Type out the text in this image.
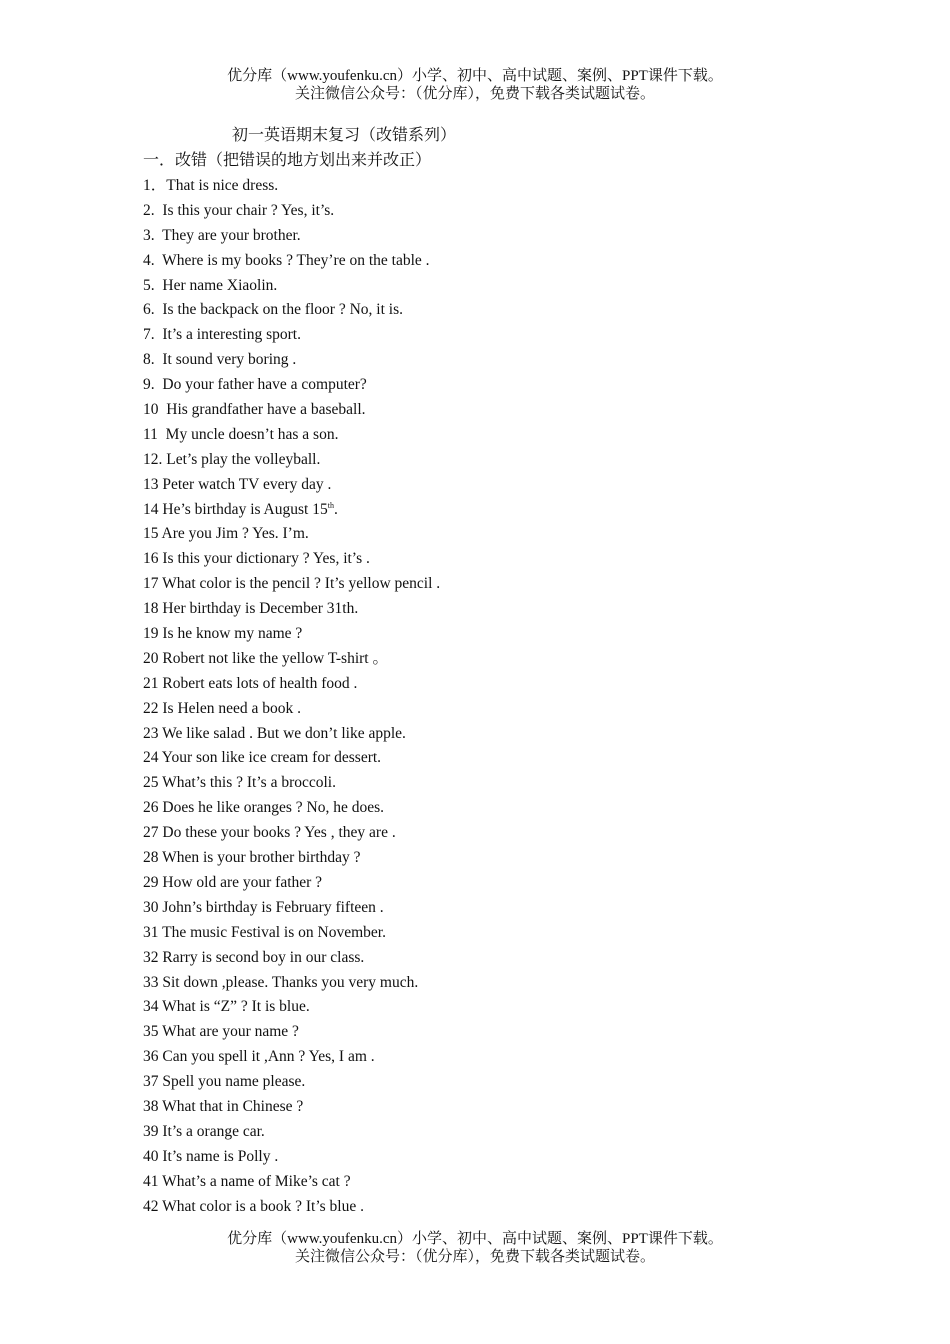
优分库（www.youfenku.cn）小学、初中、高中试题、案例、PPT课件下载。
关注微信公众号：（优分库），免费下载各类试题试卷。
初一英语期末复习（改错系列）
一．改错（把错误的地方划出来并改正）
1．That is nice dress.
2.  Is this your chair ? Yes, it’s.
3.  They are your brother.
4.  Where is my books ? They’re on the table .
5.  Her name Xiaolin.
6.  Is the backpack on the floor ? No, it is.
7.  It’s a interesting sport.
8.  It sound very boring .
9.  Do your father have a computer?
10  His grandfather have a baseball.
11  My uncle doesn’t has a son.
12. Let’s play the volleyball.
13 Peter watch TV every day .
14 He’s birthday is August 15th.
15 Are you Jim ? Yes. I’m.
16 Is this your dictionary ? Yes, it’s .
17 What color is the pencil ? It’s yellow pencil .
18 Her birthday is December 31th.
19 Is he know my name ?
20 Robert not like the yellow T-shirt 。
21 Robert eats lots of health food .
22 Is Helen need a book .
23 We like salad . But we don’t like apple.
24 Your son like ice cream for dessert.
25 What’s this ? It’s a broccoli.
26 Does he like oranges ? No, he does.
27 Do these your books ? Yes , they are .
28 When is your brother birthday ?
29 How old are your father ?
30 John’s birthday is February fifteen .
31 The music Festival is on November.
32 Rarry is second boy in our class.
33 Sit down ,please. Thanks you very much.
34 What is “Z” ? It is blue.
35 What are your name ?
36 Can you spell it ,Ann ? Yes, I am .
37 Spell you name please.
38 What that in Chinese ?
39 It’s a orange car.
40 It’s name is Polly .
41 What’s a name of Mike’s cat ?
42 What color is a book ? It’s blue .
优分库（www.youfenku.cn）小学、初中、高中试题、案例、PPT课件下载。
关注微信公众号：（优分库），免费下载各类试题试卷。
